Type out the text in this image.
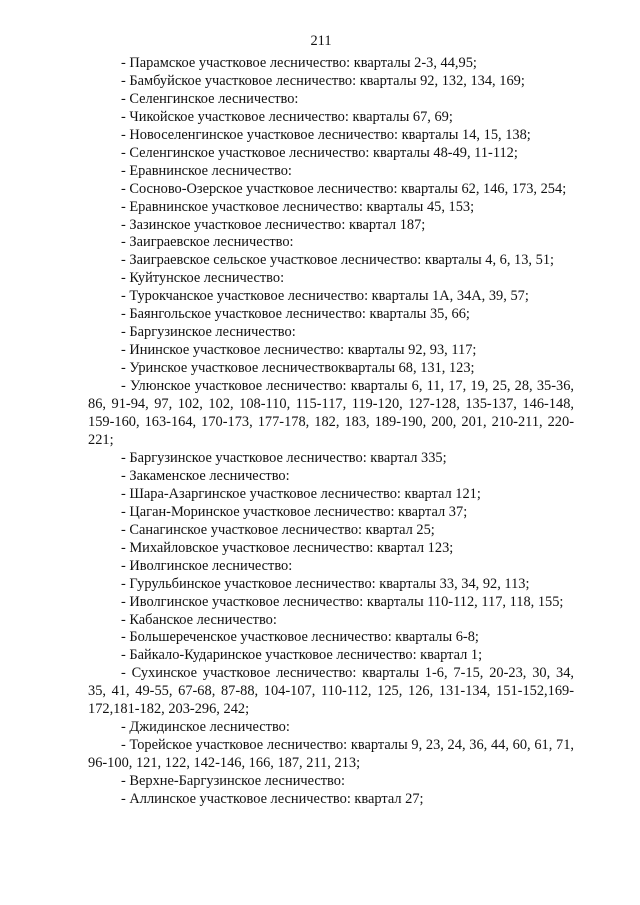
211

- Парамское участковое лесничество: кварталы 2-3, 44,95;

- Бамбуйское участковое лесничество: кварталы 92, 132, 134, 169;

- Селенгинское лесничество:

- Чикойское участковое лесничество: кварталы 67, 69;

- Новоселенгинское участковое лесничество: кварталы 14, 15, 138;

- Селенгинское участковое лесничество: кварталы 48-49, 11-112;

- Еравнинское лесничество:

- Сосново-Озерское участковое лесничество: кварталы 62, 146, 173, 254;

- Еравнинское участковое лесничество: кварталы 45, 153;

- Зазинское участковое лесничество: квартал 187;

- Заиграевское лесничество:

- Заиграевское сельское участковое лесничество: кварталы 4, 6, 13, 51;

- Куйтунское лесничество:

- Турокчанское участковое лесничество: кварталы 1А, 34А, 39, 57;

- Баянгольское участковое лесничество: кварталы 35, 66;

- Баргузинское лесничество:

- Ининское участковое лесничество: кварталы 92, 93, 117;

- Уринское участковое лесничествокварталы 68, 131, 123;

- Улюнское участковое лесничество: кварталы 6, 11, 17, 19, 25, 28, 35-36, 86, 91-94, 97, 102, 102, 108-110, 115-117, 119-120, 127-128, 135-137, 146-148, 159-160, 163-164, 170-173, 177-178, 182, 183, 189-190, 200, 201, 210-211, 220-221;

- Баргузинское участковое лесничество: квартал 335;

- Закаменское лесничество:

- Шара-Азаргинское участковое лесничество: квартал 121;

- Цаган-Моринское участковое лесничество: квартал 37;

- Санагинское участковое лесничество: квартал 25;

- Михайловское участковое лесничество: квартал 123;

- Иволгинское лесничество:

- Гурульбинское участковое лесничество: кварталы 33, 34, 92, 113;

- Иволгинское участковое лесничество: кварталы 110-112, 117, 118, 155;

- Кабанское лесничество:

- Большереченское участковое лесничество: кварталы 6-8;

- Байкало-Кударинское участковое лесничество: квартал 1;

- Сухинское участковое лесничество: кварталы 1-6, 7-15, 20-23, 30, 34, 35, 41, 49-55, 67-68, 87-88, 104-107, 110-112, 125, 126, 131-134, 151-152,169-172,181-182, 203-296, 242;

- Джидинское лесничество:

- Торейское участковое лесничество: кварталы 9, 23, 24, 36, 44, 60, 61, 71, 96-100, 121, 122, 142-146, 166, 187, 211, 213;

- Верхне-Баргузинское лесничество:

- Аллинское участковое лесничество: квартал 27;
